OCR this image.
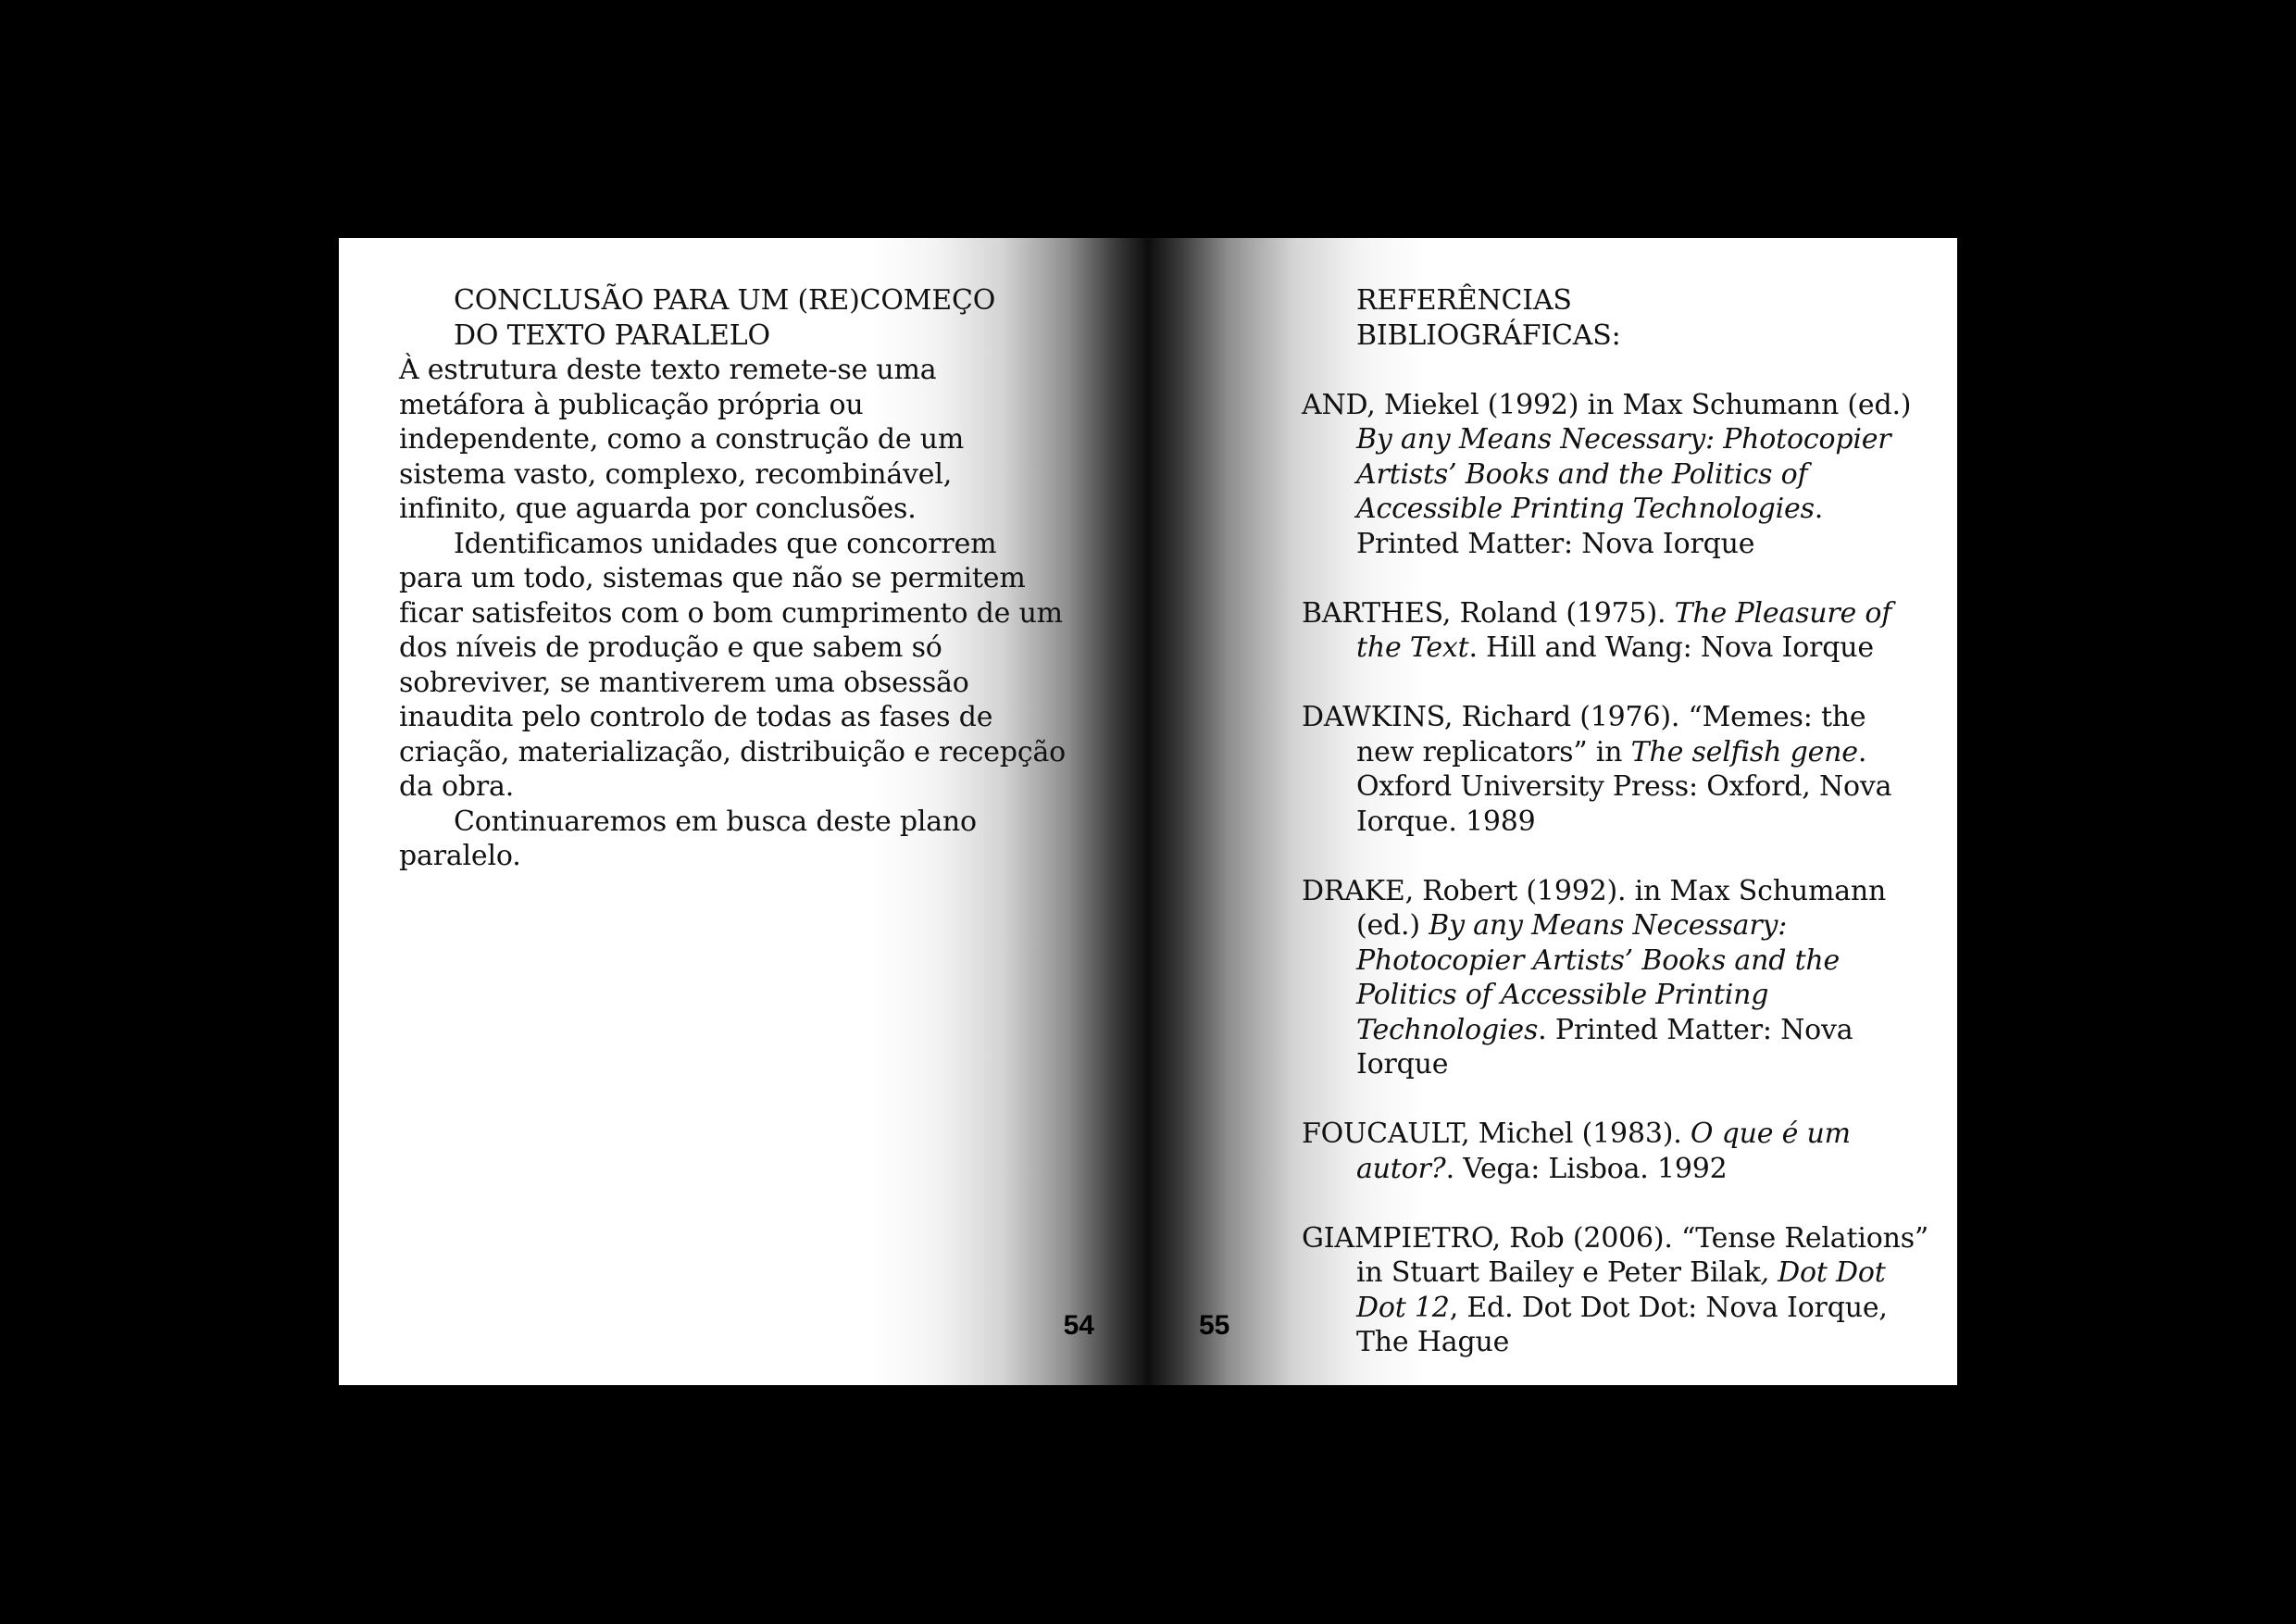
CONCLUSÃO PARA UM (RE)COMEÇO
DO TEXTO PARALELO

À estrutura deste texto remete-se uma metáfora à publicação própria ou independente, como a construção de um sistema vasto, complexo, recombinável, infinito, que aguarda por conclusões.

Identificamos unidades que concorrem para um todo, sistemas que não se permitem ficar satisfeitos com o bom cumprimento de um dos níveis de produção e que sabem só sobreviver, se mantiverem uma obsessão inaudita pelo controlo de todas as fases de criação, materialização, distribuição e recepção da obra.

Continuaremos em busca deste plano paralelo.

54
REFERÊNCIAS
BIBLIOGRÁFICAS:

AND, Miekel (1992) in Max Schumann (ed.) By any Means Necessary: Photocopier Artists’ Books and the Politics of Accessible Printing Technologies. Printed Matter: Nova Iorque

BARTHES, Roland (1975). The Pleasure of the Text. Hill and Wang: Nova Iorque

DAWKINS, Richard (1976). “Memes: the new replicators” in The selfish gene. Oxford University Press: Oxford, Nova Iorque. 1989

DRAKE, Robert (1992). in Max Schumann (ed.) By any Means Necessary: Photocopier Artists’ Books and the Politics of Accessible Printing Technologies. Printed Matter: Nova Iorque

FOUCAULT, Michel (1983). O que é um autor?. Vega: Lisboa. 1992

GIAMPIETRO, Rob (2006). “Tense Relations” in Stuart Bailey e Peter Bilak, Dot Dot Dot 12, Ed. Dot Dot Dot: Nova Iorque, The Hague

55
